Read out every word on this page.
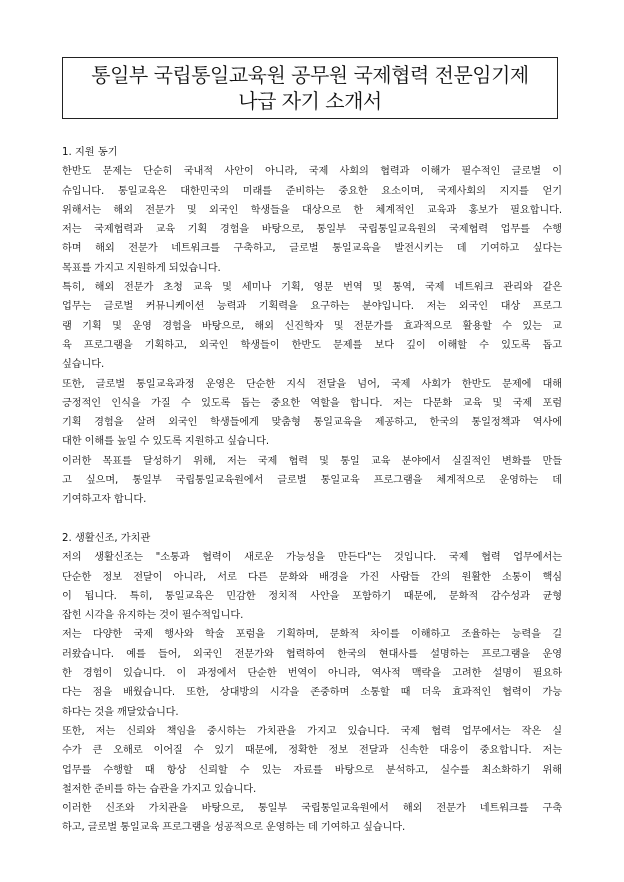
통일부 국립통일교육원 공무원 국제협력 전문임기제
나급 자기 소개서
1. 지원 동기
한반도 문제는 단순히 국내적 사안이 아니라, 국제 사회의 협력과 이해가 필수적인 글로벌 이
슈입니다. 통일교육은 대한민국의 미래를 준비하는 중요한 요소이며, 국제사회의 지지를 얻기
위해서는 해외 전문가 및 외국인 학생들을 대상으로 한 체계적인 교육과 홍보가 필요합니다.
저는 국제협력과 교육 기획 경험을 바탕으로, 통일부 국립통일교육원의 국제협력 업무를 수행
하며 해외 전문가 네트워크를 구축하고, 글로벌 통일교육을 발전시키는 데 기여하고 싶다는
목표를 가지고 지원하게 되었습니다.
특히, 해외 전문가 초청 교육 및 세미나 기획, 영문 번역 및 통역, 국제 네트워크 관리와 같은
업무는 글로벌 커뮤니케이션 능력과 기획력을 요구하는 분야입니다. 저는 외국인 대상 프로그
램 기획 및 운영 경험을 바탕으로, 해외 신진학자 및 전문가를 효과적으로 활용할 수 있는 교
육 프로그램을 기획하고, 외국인 학생들이 한반도 문제를 보다 깊이 이해할 수 있도록 돕고
싶습니다.
또한, 글로벌 통일교육과정 운영은 단순한 지식 전달을 넘어, 국제 사회가 한반도 문제에 대해
긍정적인 인식을 가질 수 있도록 돕는 중요한 역할을 합니다. 저는 다문화 교육 및 국제 포럼
기획 경험을 살려 외국인 학생들에게 맞춤형 통일교육을 제공하고, 한국의 통일정책과 역사에
대한 이해를 높일 수 있도록 지원하고 싶습니다.
이러한 목표를 달성하기 위해, 저는 국제 협력 및 통일 교육 분야에서 실질적인 변화를 만들
고 싶으며, 통일부 국립통일교육원에서 글로벌 통일교육 프로그램을 체계적으로 운영하는 데
기여하고자 합니다.
2. 생활신조, 가치관
저의 생활신조는 "소통과 협력이 새로운 가능성을 만든다"는 것입니다. 국제 협력 업무에서는
단순한 정보 전달이 아니라, 서로 다른 문화와 배경을 가진 사람들 간의 원활한 소통이 핵심
이 됩니다. 특히, 통일교육은 민감한 정치적 사안을 포함하기 때문에, 문화적 감수성과 균형
잡힌 시각을 유지하는 것이 필수적입니다.
저는 다양한 국제 행사와 학술 포럼을 기획하며, 문화적 차이를 이해하고 조율하는 능력을 길
러왔습니다. 예를 들어, 외국인 전문가와 협력하여 한국의 현대사를 설명하는 프로그램을 운영
한 경험이 있습니다. 이 과정에서 단순한 번역이 아니라, 역사적 맥락을 고려한 설명이 필요하
다는 점을 배웠습니다. 또한, 상대방의 시각을 존중하며 소통할 때 더욱 효과적인 협력이 가능
하다는 것을 깨달았습니다.
또한, 저는 신뢰와 책임을 중시하는 가치관을 가지고 있습니다. 국제 협력 업무에서는 작은 실
수가 큰 오해로 이어질 수 있기 때문에, 정확한 정보 전달과 신속한 대응이 중요합니다. 저는
업무를 수행할 때 항상 신뢰할 수 있는 자료를 바탕으로 분석하고, 실수를 최소화하기 위해
철저한 준비를 하는 습관을 가지고 있습니다.
이러한 신조와 가치관을 바탕으로, 통일부 국립통일교육원에서 해외 전문가 네트워크를 구축
하고, 글로벌 통일교육 프로그램을 성공적으로 운영하는 데 기여하고 싶습니다.
